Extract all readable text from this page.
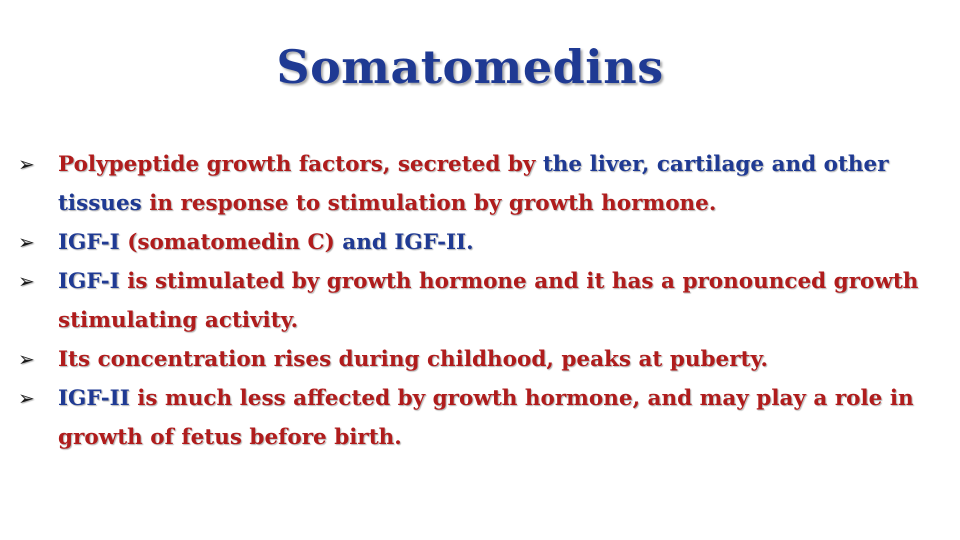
Somatomedins
➢	Polypeptide growth factors, secreted by the liver, cartilage and other tissues in response to stimulation by growth hormone.
➢	IGF-I (somatomedin C) and IGF-II.
➢	IGF-I is stimulated by growth hormone and it has a pronounced growth stimulating activity.
➢	Its concentration rises during childhood, peaks at puberty.
➢	IGF-II is much less affected by growth hormone, and may play a role in growth of fetus before birth.
